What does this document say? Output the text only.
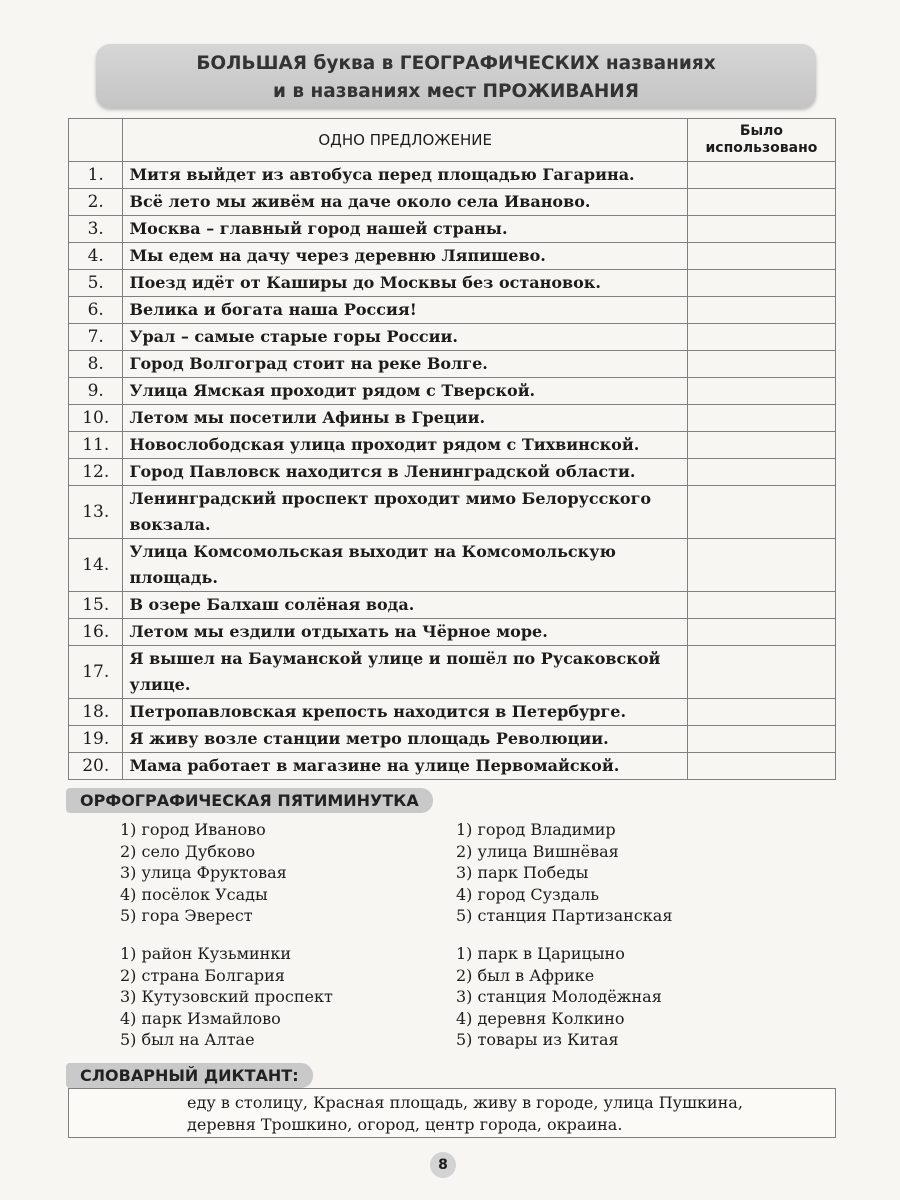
БОЛЬШАЯ буква в ГЕОГРАФИЧЕСКИХ названиях
и в названиях мест ПРОЖИВАНИЯ
	ОДНО ПРЕДЛОЖЕНИЕ	Было использовано
1.	Митя выйдет из автобуса перед площадью Гагарина.	
2.	Всё лето мы живём на даче около села Иваново.	
3.	Москва – главный город нашей страны.	
4.	Мы едем на дачу через деревню Ляпишево.	
5.	Поезд идёт от Каширы до Москвы без остановок.	
6.	Велика и богата наша Россия!	
7.	Урал – самые старые горы России.	
8.	Город Волгоград стоит на реке Волге.	
9.	Улица Ямская проходит рядом с Тверской.	
10.	Летом мы посетили Афины в Греции.	
11.	Новослободская улица проходит рядом с Тихвинской.	
12.	Город Павловск находится в Ленинградской области.	
13.	Ленинградский проспект проходит мимо Белорусского вокзала.	
14.	Улица Комсомольская выходит на Комсомольскую площадь.	
15.	В озере Балхаш солёная вода.	
16.	Летом мы ездили отдыхать на Чёрное море.	
17.	Я вышел на Бауманской улице и пошёл по Русаковской улице.	
18.	Петропавловская крепость находится в Петербурге.	
19.	Я живу возле станции метро площадь Революции.	
20.	Мама работает в магазине на улице Первомайской.	
ОРФОГРАФИЧЕСКАЯ ПЯТИМИНУТКА
1) город Иваново
2) село Дубково
3) улица Фруктовая
4) посёлок Усады
5) гора Эверест
1) город Владимир
2) улица Вишнёвая
3) парк Победы
4) город Суздаль
5) станция Партизанская
1) район Кузьминки
2) страна Болгария
3) Кутузовский проспект
4) парк Измайлово
5) был на Алтае
1) парк в Царицыно
2) был в Африке
3) станция Молодёжная
4) деревня Колкино
5) товары из Китая
еду в столицу, Красная площадь, живу в городе, улица Пушкина,
деревня Трошкино, огород, центр города, окраина.
СЛОВАРНЫЙ ДИКТАНТ:
8
